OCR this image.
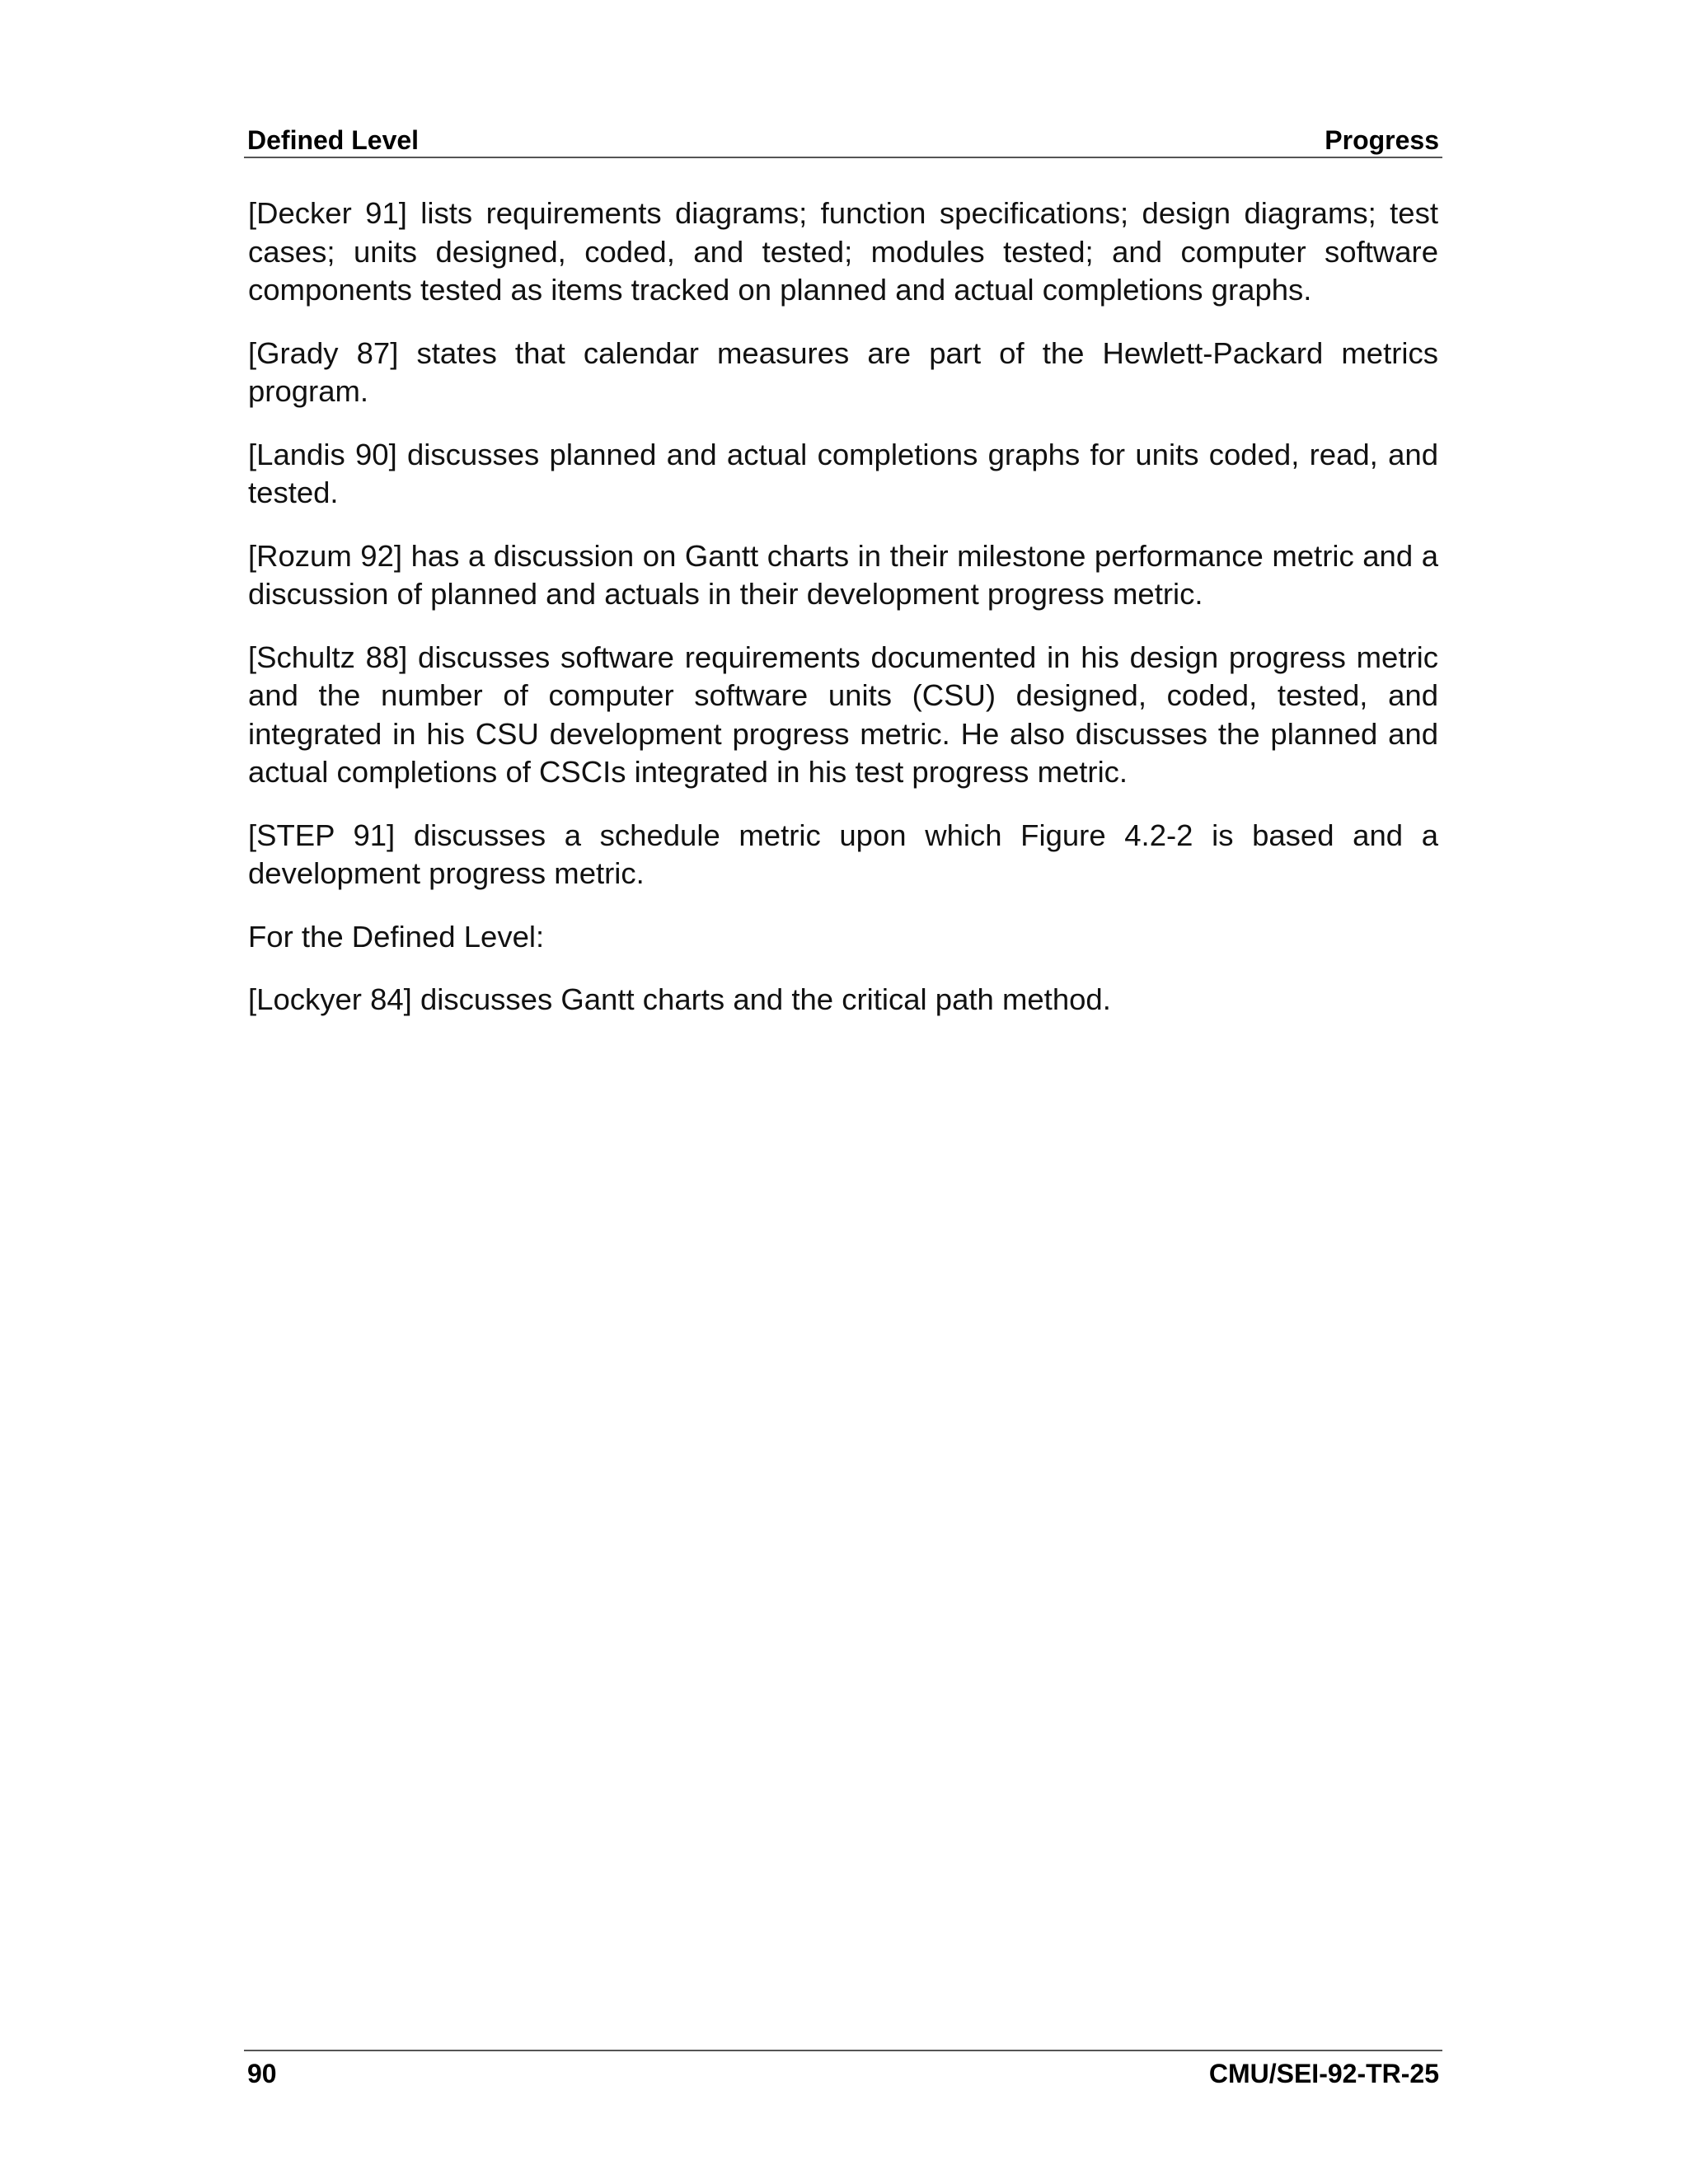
Defined Level	Progress

[Decker 91] lists requirements diagrams; function specifications; design diagrams; test cases; units designed, coded, and tested; modules tested; and computer software components tested as items tracked on planned and actual completions graphs.

[Grady 87] states that calendar measures are part of the Hewlett-Packard metrics program.

[Landis 90] discusses planned and actual completions graphs for units coded, read, and tested.

[Rozum 92] has a discussion on Gantt charts in their milestone performance metric and a discussion of planned and actuals in their development progress metric.

[Schultz 88] discusses software requirements documented in his design progress metric and the number of computer software units (CSU) designed, coded, tested, and integrated in his CSU development progress metric. He also discusses the planned and actual completions of CSCIs integrated in his test progress metric.

[STEP 91] discusses a schedule metric upon which Figure 4.2-2 is based and a development progress metric.

For the Defined Level:

[Lockyer 84] discusses Gantt charts and the critical path method.

90	CMU/SEI-92-TR-25
